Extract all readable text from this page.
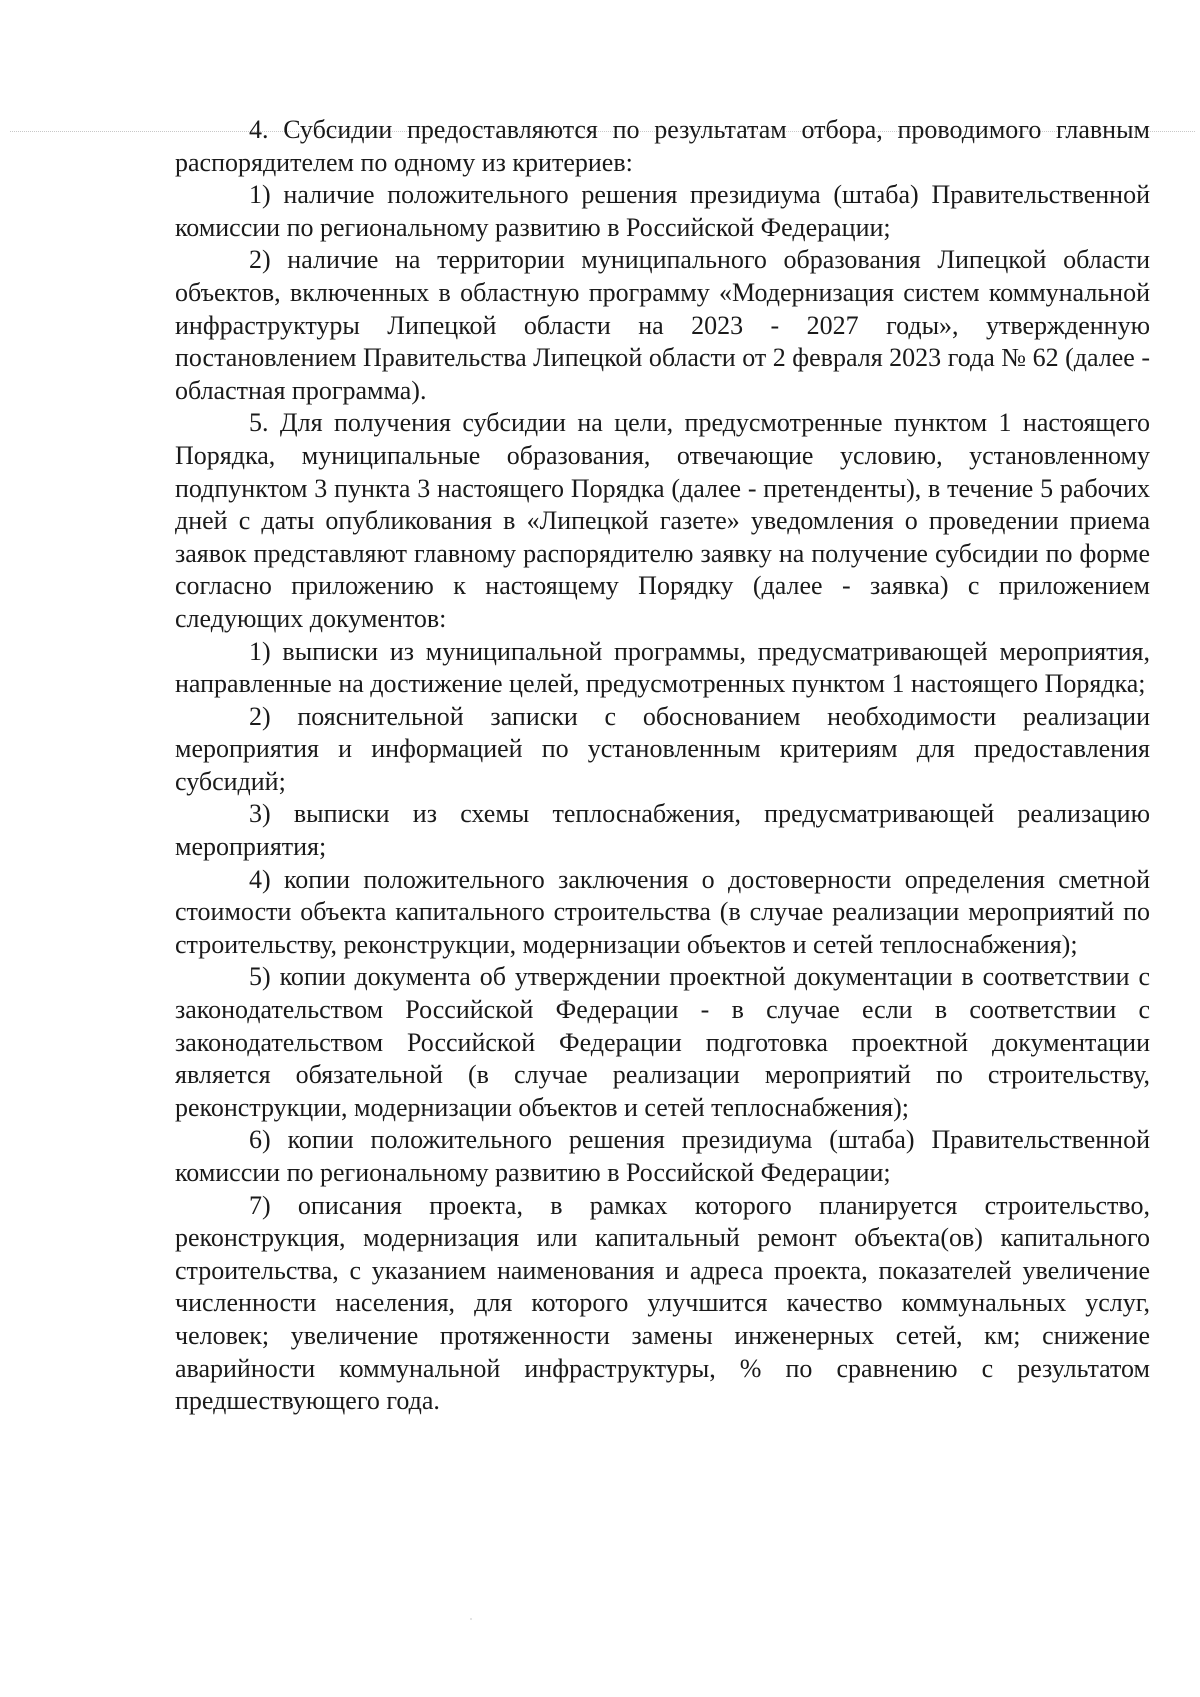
4. Субсидии предоставляются по результатам отбора, проводимого главным распорядителем по одному из критериев:

1) наличие положительного решения президиума (штаба) Правительственной комиссии по региональному развитию в Российской Федерации;

2) наличие на территории муниципального образования Липецкой области объектов, включенных в областную программу «Модернизация систем коммунальной инфраструктуры Липецкой области на 2023 - 2027 годы», утвержденную постановлением Правительства Липецкой области от 2 февраля 2023 года № 62 (далее - областная программа).

5. Для получения субсидии на цели, предусмотренные пунктом 1 настоящего Порядка, муниципальные образования, отвечающие условию, установленному подпунктом 3 пункта 3 настоящего Порядка (далее - претенденты), в течение 5 рабочих дней с даты опубликования в «Липецкой газете» уведомления о проведении приема заявок представляют главному распорядителю заявку на получение субсидии по форме согласно приложению к настоящему Порядку (далее - заявка) с приложением следующих документов:

1) выписки из муниципальной программы, предусматривающей мероприятия, направленные на достижение целей, предусмотренных пунктом 1 настоящего Порядка;

2) пояснительной записки с обоснованием необходимости реализации мероприятия и информацией по установленным критериям для предоставления субсидий;

3) выписки из схемы теплоснабжения, предусматривающей реализацию мероприятия;

4) копии положительного заключения о достоверности определения сметной стоимости объекта капитального строительства (в случае реализации мероприятий по строительству, реконструкции, модернизации объектов и сетей теплоснабжения);

5) копии документа об утверждении проектной документации в соответствии с законодательством Российской Федерации - в случае если в соответствии с законодательством Российской Федерации подготовка проектной документации является обязательной (в случае реализации мероприятий по строительству, реконструкции, модернизации объектов и сетей теплоснабжения);

6) копии положительного решения президиума (штаба) Правительственной комиссии по региональному развитию в Российской Федерации;

7) описания проекта, в рамках которого планируется строительство, реконструкция, модернизация или капитальный ремонт объекта(ов) капитального строительства, с указанием наименования и адреса проекта, показателей увеличение численности населения, для которого улучшится качество коммунальных услуг, человек; увеличение протяженности замены инженерных сетей, км; снижение аварийности коммунальной инфраструктуры, % по сравнению с результатом предшествующего года.
